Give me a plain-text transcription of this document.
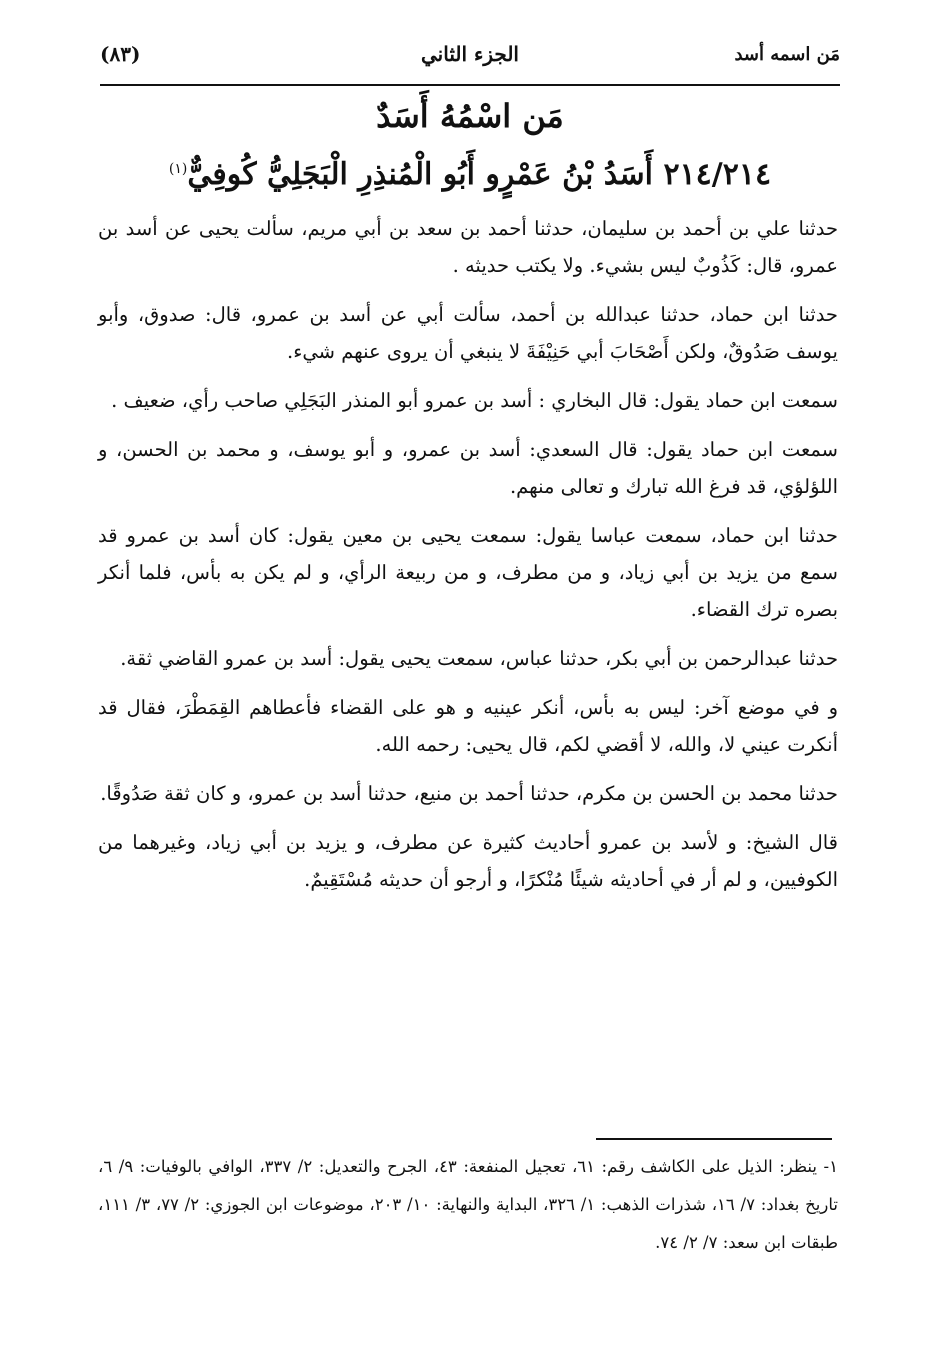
مَن اسمه أسد
الجزء الثاني
(٨٣)
مَن اسْمُهُ أَسَدٌ
٢١٤/٢١٤ أَسَدُ بْنُ عَمْرٍو أَبُو الْمُنذِرِ الْبَجَلِيُّ كُوفِيٌّ$^{(١)}$

حدثنا علي بن أحمد بن سليمان، حدثنا أحمد بن سعد بن أبي مريم، سألت يحيى عن أسد بن عمرو، قال: كَذُوبٌ ليس بشيء. ولا يكتب حديثه .

حدثنا ابن حماد، حدثنا عبدالله بن أحمد، سألت أبي عن أسد بن عمرو، قال: صدوق، وأبو يوسف صَدُوقٌ، ولكن أَصْحَابَ أبي حَنِيْفَةَ لا ينبغي أن يروى عنهم شيء.

سمعت ابن حماد يقول: قال البخاري : أسد بن عمرو أبو المنذر البَجَلِي صاحب رأي، ضعيف .

سمعت ابن حماد يقول: قال السعدي: أسد بن عمرو، و أبو يوسف، و محمد بن الحسن، و اللؤلؤي، قد فرغ الله تبارك و تعالى منهم.

حدثنا ابن حماد، سمعت عباسا يقول: سمعت يحيى بن معين يقول: كان أسد بن عمرو قد سمع من يزيد بن أبي زياد، و من مطرف، و من ربيعة الرأي، و لم يكن به بأس، فلما أنكر بصره ترك القضاء.

حدثنا عبدالرحمن بن أبي بكر، حدثنا عباس، سمعت يحيى يقول: أسد بن عمرو القاضي ثقة.

و في موضع آخر: ليس به بأس، أنكر عينيه و هو على القضاء فأعطاهم القِمَطْرَ، فقال قد أنكرت عيني لا، والله، لا أقضي لكم، قال يحيى: رحمه الله.

حدثنا محمد بن الحسن بن مكرم، حدثنا أحمد بن منيع، حدثنا أسد بن عمرو، و كان ثقة صَدُوقًا.

قال الشيخ: و لأسد بن عمرو أحاديث كثيرة عن مطرف، و يزيد بن أبي زياد، وغيرهما من الكوفيين، و لم أر في أحاديثه شيئًا مُنْكرًا، و أرجو أن حديثه مُسْتَقِيمٌ.

١- ينظر: الذيل على الكاشف رقم: ٦١، تعجيل المنفعة: ٤٣، الجرح والتعديل: ٢/ ٣٣٧، الوافي بالوفيات: ٩/ ٦، تاريخ بغداد: ٧/ ١٦، شذرات الذهب: ١/ ٣٢٦، البداية والنهاية: ١٠/ ٢٠٣، موضوعات ابن الجوزي: ٢/ ٧٧، ٣/ ١١١، طبقات ابن سعد: ٧/ ٢/ ٧٤.
